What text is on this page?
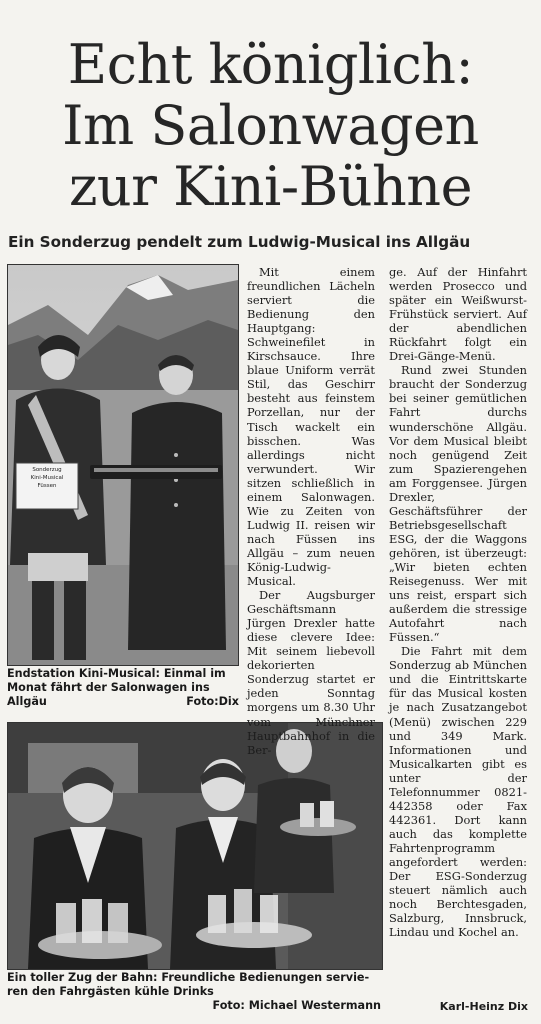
Echt königlich:
Im Salonwagen
zur Kini-Bühne
Ein Sonderzug pendelt zum Ludwig-Musical ins Allgäu
Sonderzug
Kini-Musical
Füssen
Endstation Kini-Musical: Einmal im
Monat fährt der Salonwagen ins
Allgäu	Foto:Dix
Ein toller Zug der Bahn: Freundliche Bedienungen servie-
ren den Fahrgästen kühle Drinks
Foto: Michael Westermann

Mit einem freundlichen Lächeln serviert die Bedienung den Hauptgang: Schweinefilet in Kirschsauce. Ihre blaue Uniform verrät Stil, das Geschirr besteht aus feinstem Porzellan, nur der Tisch wackelt ein bisschen. Was allerdings nicht verwundert. Wir sitzen schließlich in einem Salonwagen. Wie zu Zeiten von Ludwig II. reisen wir nach Füssen ins Allgäu – zum neuen König-Ludwig-Musical.

Der Augsburger Geschäftsmann Jürgen Drexler hatte diese clevere Idee: Mit seinem liebevoll dekorierten Sonderzug startet er jeden Sonntag morgens um 8.30 Uhr vom Münchner Hauptbahnhof in die Ber-

ge. Auf der Hinfahrt werden Prosecco und später ein Weißwurst-Frühstück serviert. Auf der abendlichen Rückfahrt folgt ein Drei-Gänge-Menü.

Rund zwei Stunden braucht der Sonderzug bei seiner gemütlichen Fahrt durchs wunderschöne Allgäu. Vor dem Musical bleibt noch genügend Zeit zum Spazierengehen am Forggensee. Jürgen Drexler, Geschäftsführer der Betriebsgesellschaft ESG, der die Waggons gehören, ist überzeugt: „Wir bieten echten Reisegenuss. Wer mit uns reist, erspart sich außerdem die stressige Autofahrt nach Füssen.“

Die Fahrt mit dem Sonderzug ab München und die Eintrittskarte für das Musical kosten je nach Zusatzangebot (Menü) zwischen 229 und 349 Mark. Informationen und Musicalkarten gibt es unter der Telefonnummer 0821-442358 oder Fax 442361. Dort kann auch das komplette Fahrtenprogramm angefordert werden: Der ESG-Sonderzug steuert nämlich auch noch Berchtesgaden, Salzburg, Innsbruck, Lindau und Kochel an.

Karl-Heinz Dix
